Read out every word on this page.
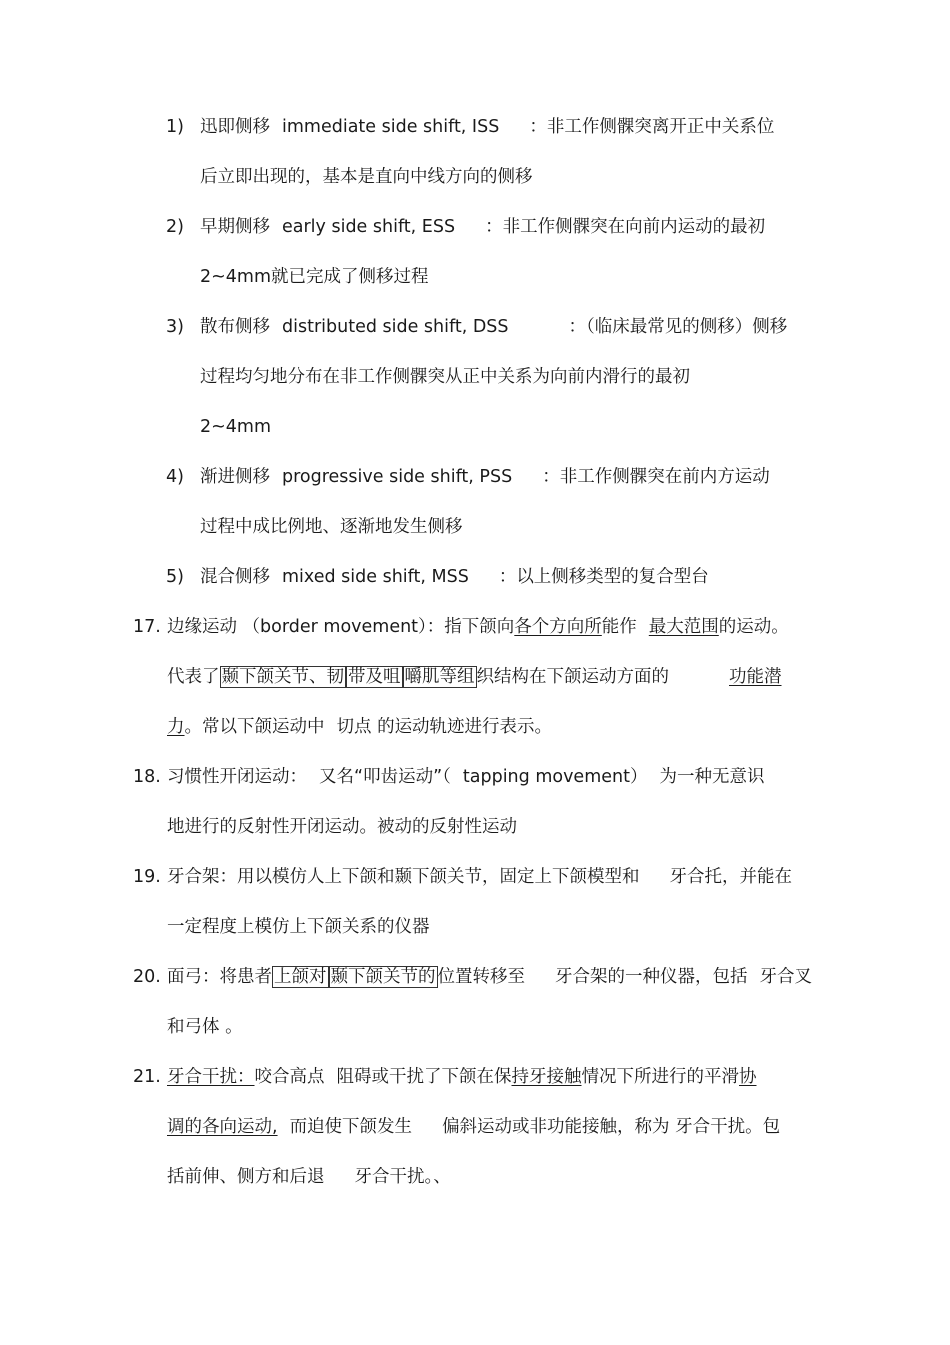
1) 迅即侧移 immediate side shift, ISS ：非工作侧髁突离开正中关系位
后立即出现的，基本是直向中线方向的侧移
2) 早期侧移 early side shift, ESS ：非工作侧髁突在向前内运动的最初
2~4mm就已完成了侧移过程
3) 散布侧移 distributed side shift, DSS	：（临床最常见的侧移）侧移
过程均匀地分布在非工作侧髁突从正中关系为向前内滑行的最初
2~4mm
4) 渐进侧移 progressive side shift, PSS ：非工作侧髁突在前内方运动
过程中成比例地、逐渐地发生侧移
5) 混合侧移 mixed side shift, MSS ：以上侧移类型的复合型台
17. 边缘运动 （border movement）：指下颌向各个方向所能作 最大范围的运动。
代表了 颞下颌关节、韧 带及咀 嚼肌等组 织结构在下颌运动方面的	功能潜
力。常以下颌运动中 切点 的运动轨迹进行表示。
18. 习惯性开闭运动： 又名“叩齿运动”（ tapping movement） 为一种无意识
地进行的反射性开闭运动。被动的反射性运动
19. 牙合架：用以模仿人上下颌和颞下颌关节，固定上下颌模型和 牙合托，并能在
一定程度上模仿上下颌关系的仪器
20. 面弓：将患者 上颌对 颞下颌关节的 位置转移至 牙合架的一种仪器，包括 牙合叉
和弓体 。
21. 牙合干扰：咬合高点 阻碍或干扰了下颌在保持牙接触情况下所进行的平滑协
调的各向运动, 而迫使下颌发生 偏斜运动或非功能接触，称为 牙合干扰。包
括前伸、侧方和后退 牙合干扰。、
